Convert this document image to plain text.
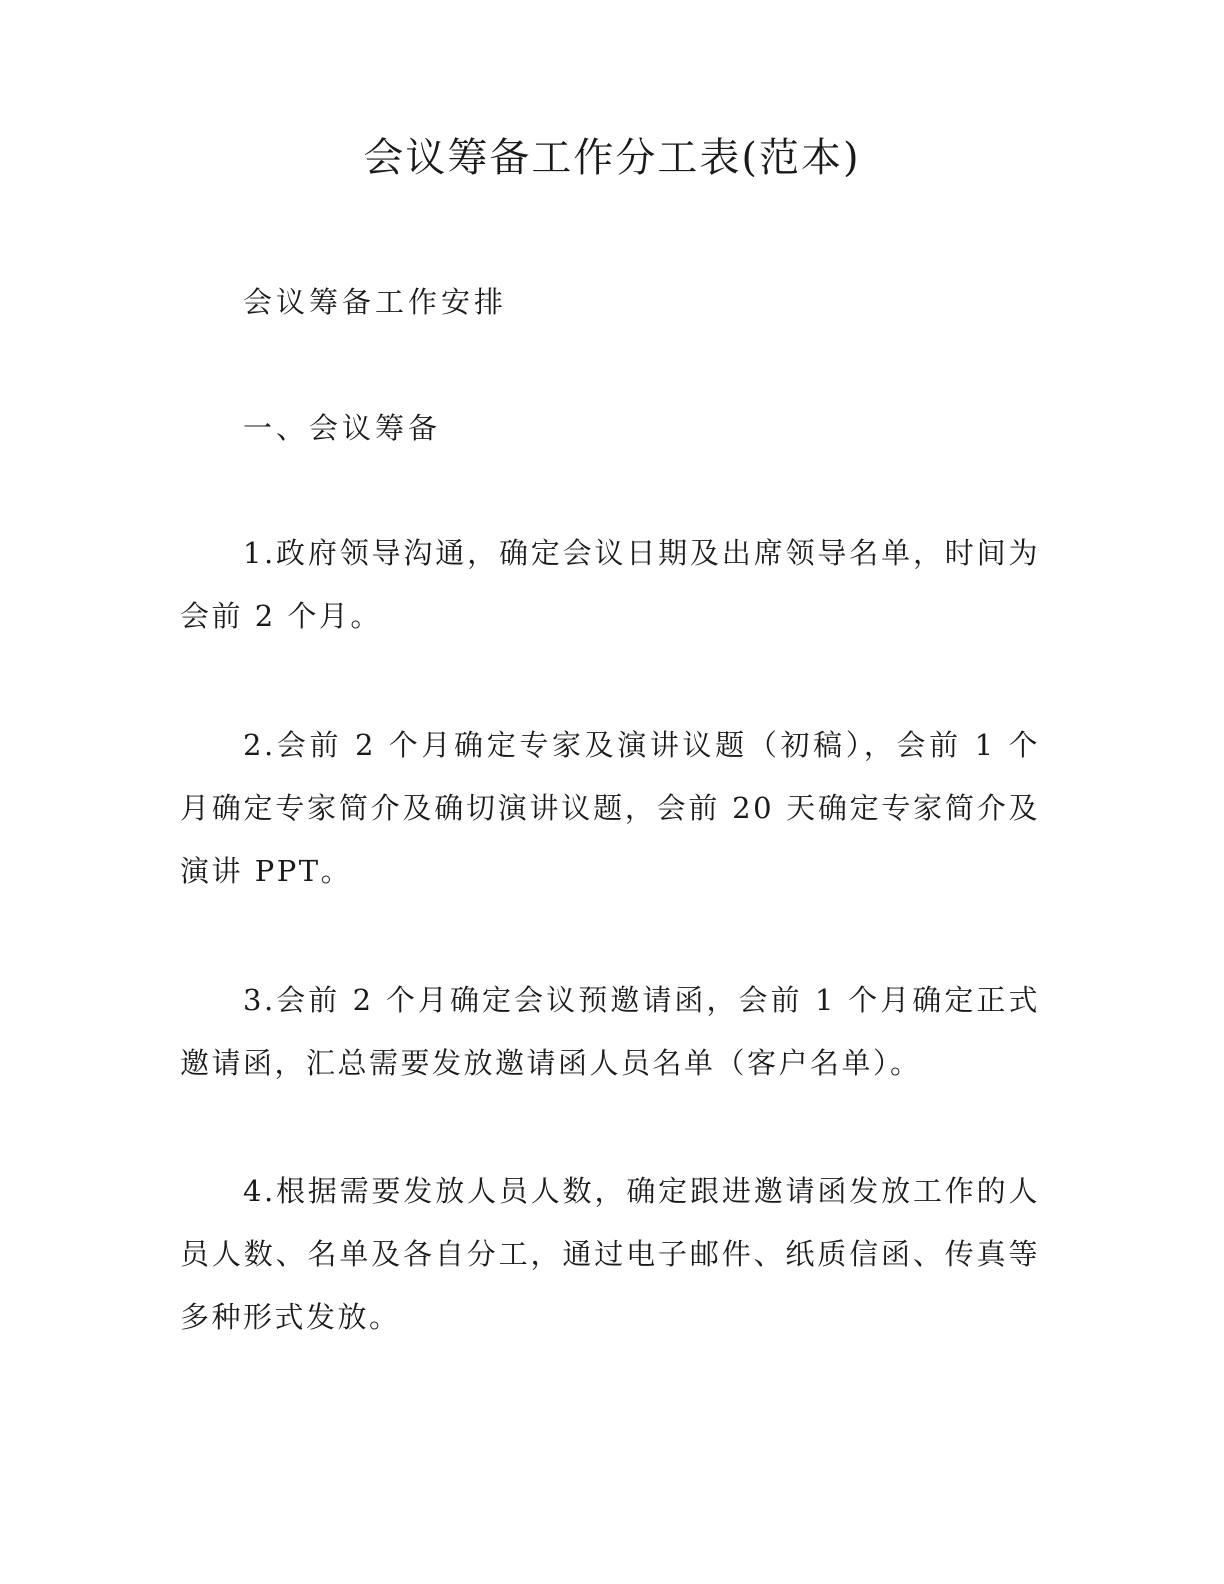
会议筹备工作分工表(范本)
会议筹备工作安排
一、会议筹备

1.政府领导沟通，确定会议日期及出席领导名单，时间为会前 2 个月。

2.会前 2 个月确定专家及演讲议题（初稿），会前 1 个月确定专家简介及确切演讲议题，会前 20 天确定专家简介及演讲 PPT。

3.会前 2 个月确定会议预邀请函，会前 1 个月确定正式邀请函，汇总需要发放邀请函人员名单（客户名单）。

4.根据需要发放人员人数，确定跟进邀请函发放工作的人员人数、名单及各自分工，通过电子邮件、纸质信函、传真等多种形式发放。
